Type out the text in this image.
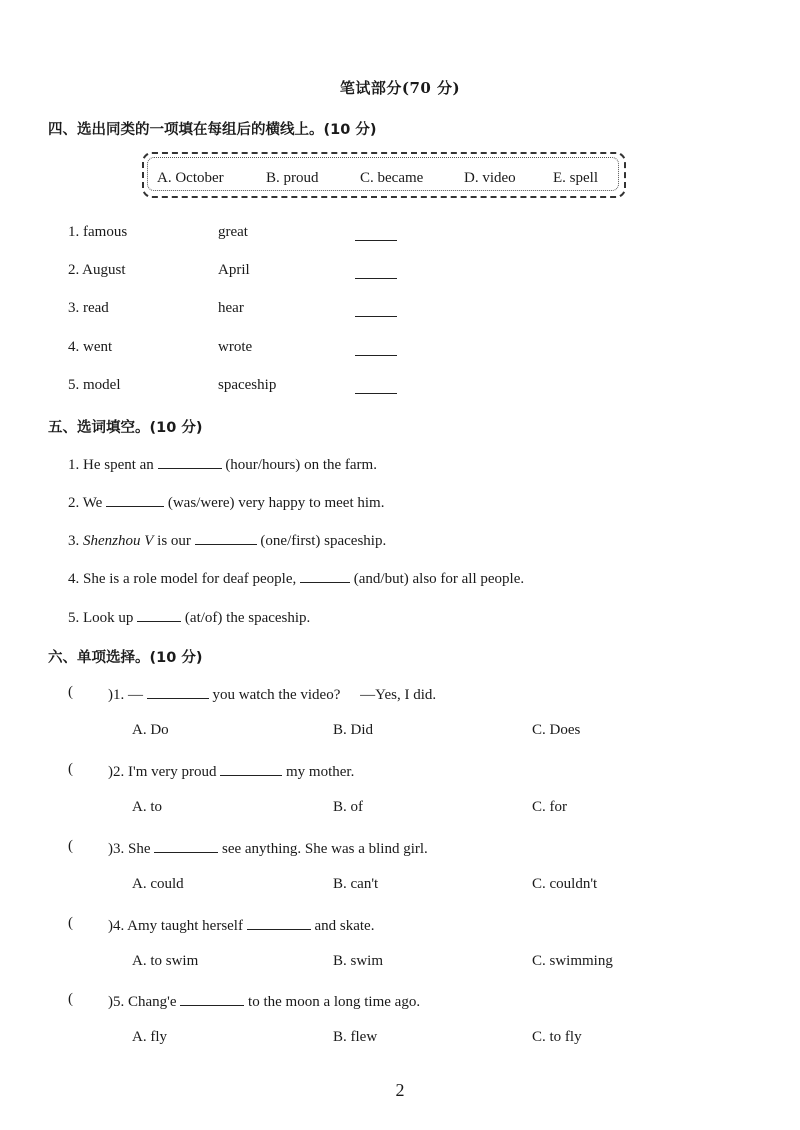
笔试部分(70 分)
四、选出同类的一项填在每组后的横线上。(10 分)
A. October	B. proud	C. became	D. video E. spell
1. famous	great
2. August	April
3. read	hear
4. went	wrote
5. model	spaceship
五、选词填空。(10 分)
1. He spent an	(hour/hours) on the farm.
2. We	(was/were) very happy to meet him.
3. Shenzhou V is our	(one/first) spaceship.
4. She is a role model for deaf people,	(and/but) also for all people.
5. Look up	(at/of) the spaceship.
六、单项选择。(10 分)
( )1. —	you watch the video? —Yes, I did.
A. Do	B. Did	C. Does
( )2. I'm very proud	my mother.
A. to	B. of	C. for
( )3. She	see anything. She was a blind girl.
A. could	B. can't	C. couldn't
( )4. Amy taught herself	and skate.
A. to swim	B. swim	C. swimming
( )5. Chang'e	to the moon a long time ago.
A. fly	B. flew	C. to fly
2
